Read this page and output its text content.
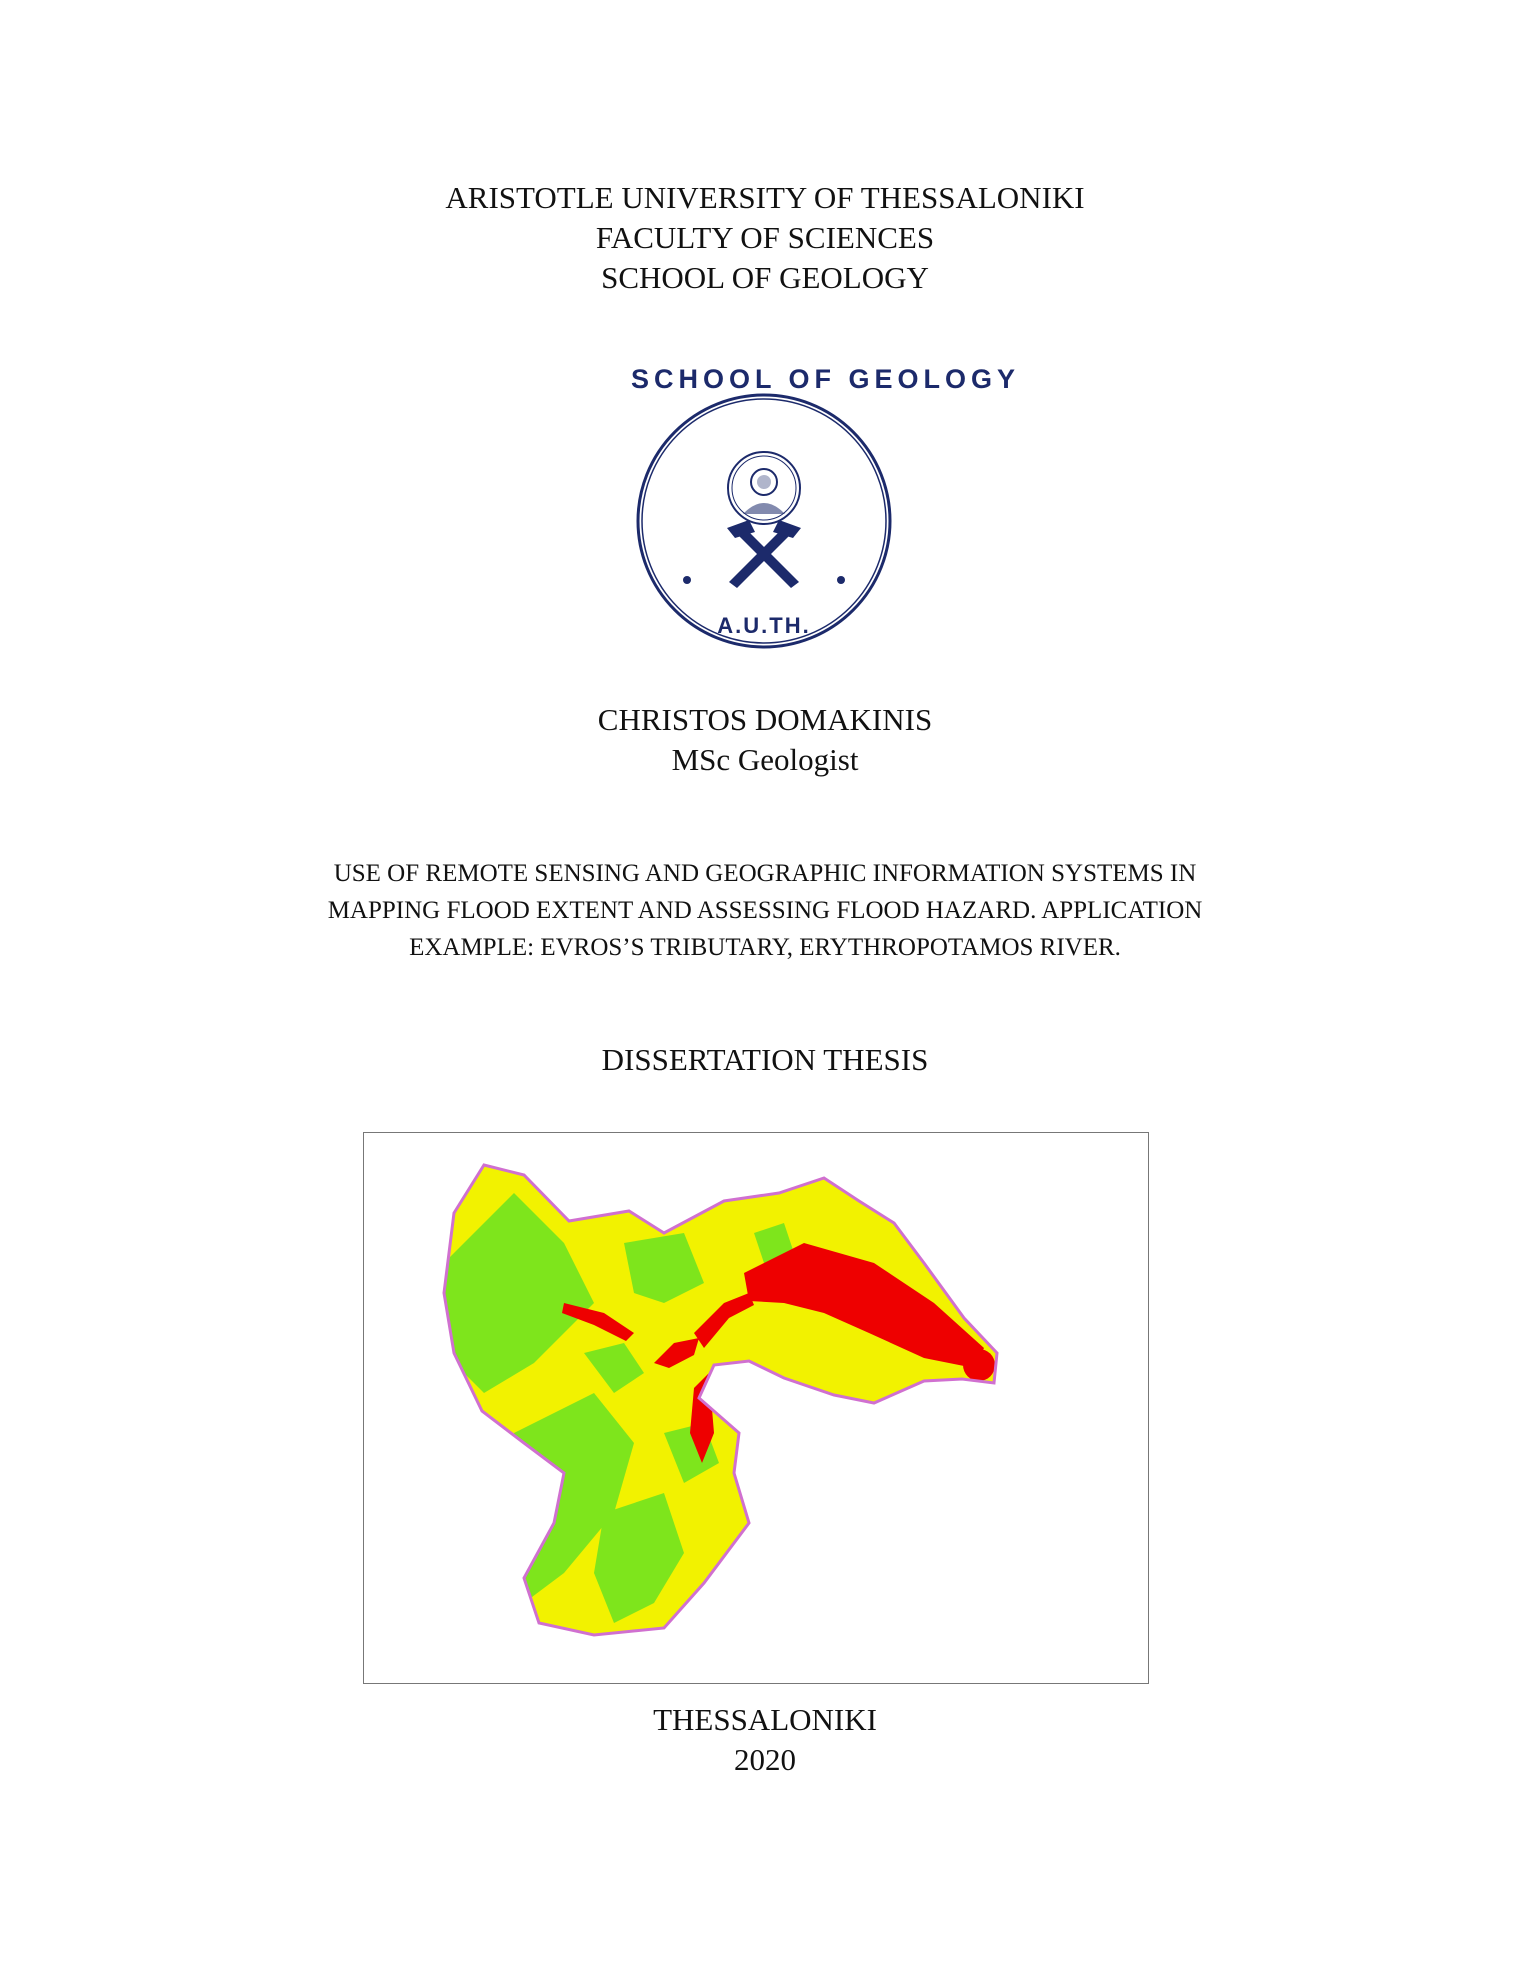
ARISTOTLE UNIVERSITY OF THESSALONIKI
FACULTY OF SCIENCES
SCHOOL OF GEOLOGY
SCHOOL OF GEOLOGY
A.U.TH.
CHRISTOS DOMAKINIS
MSc Geologist
USE OF REMOTE SENSING AND GEOGRAPHIC INFORMATION SYSTEMS IN
MAPPING FLOOD EXTENT AND ASSESSING FLOOD HAZARD. APPLICATION
EXAMPLE: EVROS’S TRIBUTARY, ERYTHROPOTAMOS RIVER.
DISSERTATION THESIS
THESSALONIKI
2020
